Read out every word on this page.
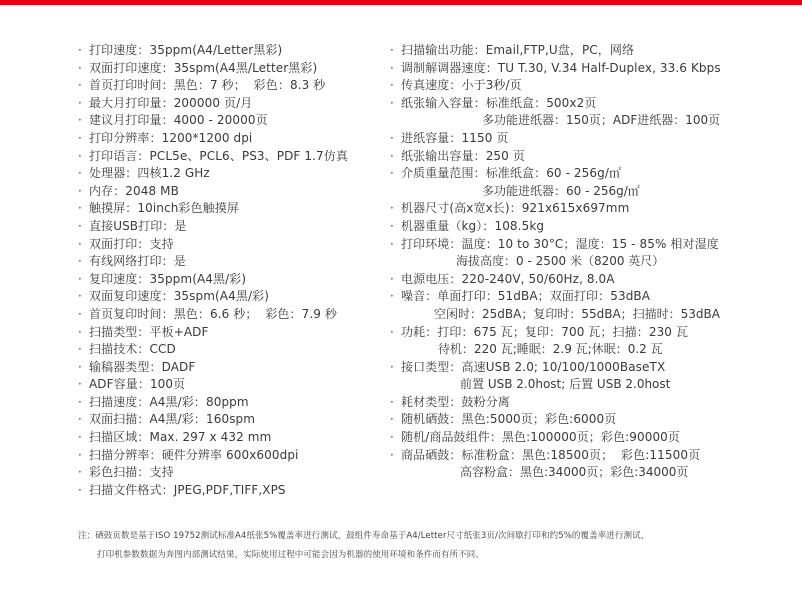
· 打印速度：35ppm(A4/Letter黑彩)
· 双面打印速度：35spm(A4黑/Letter黑彩)
· 首页打印时间：黑色：7 秒；  彩色：8.3 秒
· 最大月打印量：200000 页/月
· 建议月打印量：4000 - 20000页
· 打印分辨率：1200*1200 dpi
· 打印语言：PCL5e、PCL6、PS3、PDF 1.7仿真
· 处理器：四核1.2 GHz
· 内存：2048 MB
· 触摸屏：10inch彩色触摸屏
· 直接USB打印：是
· 双面打印：支持
· 有线网络打印：是
· 复印速度：35ppm(A4黑/彩)
· 双面复印速度：35spm(A4黑/彩)
· 首页复印时间：黑色：6.6 秒；  彩色：7.9 秒
· 扫描类型：平板+ADF
· 扫描技术：CCD
· 输稿器类型：DADF
· ADF容量：100页
· 扫描速度：A4黑/彩：80ppm
· 双面扫描：A4黑/彩：160spm
· 扫描区域：Max. 297 x 432 mm
· 扫描分辨率：硬件分辨率 600x600dpi
· 彩色扫描：支持
· 扫描文件格式：JPEG,PDF,TIFF,XPS
· 扫描输出功能：Email,FTP,U盘，PC，网络
· 调制解调器速度：TU T.30, V.34 Half-Duplex, 33.6 Kbps
· 传真速度：小于3秒/页
· 纸张输入容量：标准纸盒：500x2页
多功能进纸器：150页；ADF进纸器：100页
· 进纸容量：1150 页
· 纸张输出容量：250 页
· 介质重量范围：标准纸盒：60 - 256g/㎡
多功能进纸器：60 - 256g/㎡
· 机器尺寸(高x宽x长)：921x615x697mm
· 机器重量（kg）：108.5kg
· 打印环境：温度：10 to 30°C；湿度：15 - 85% 相对湿度
海拔高度：0 - 2500 米（8200 英尺）
· 电源电压：220-240V, 50/60Hz, 8.0A
· 噪音：单面打印：51dBA；双面打印：53dBA
空闲时：25dBA；复印时：55dBA；扫描时：53dBA
· 功耗：打印：675 瓦；复印：700 瓦；扫描：230 瓦
待机：220 瓦;睡眠：2.9 瓦;休眠：0.2 瓦
· 接口类型：高速USB 2.0; 10/100/1000BaseTX
前置 USB 2.0host; 后置 USB 2.0host
· 耗材类型：鼓粉分离
· 随机硒鼓：黑色:5000页；彩色:6000页
· 随机/商品鼓组件：黑色:100000页；彩色:90000页
· 商品硒鼓：标准粉盒：黑色:18500页；  彩色:11500页
高容粉盒：黑色:34000页；彩色:34000页
注：硒鼓页数是基于ISO 19752测试标准A4纸张5%覆盖率进行测试，鼓组件寿命基于A4/Letter尺寸纸张3页/次间歇打印和约5%的覆盖率进行测试，
打印机参数数据为奔图内部测试结果，实际使用过程中可能会因为机器的使用环境和条件而有所不同。
